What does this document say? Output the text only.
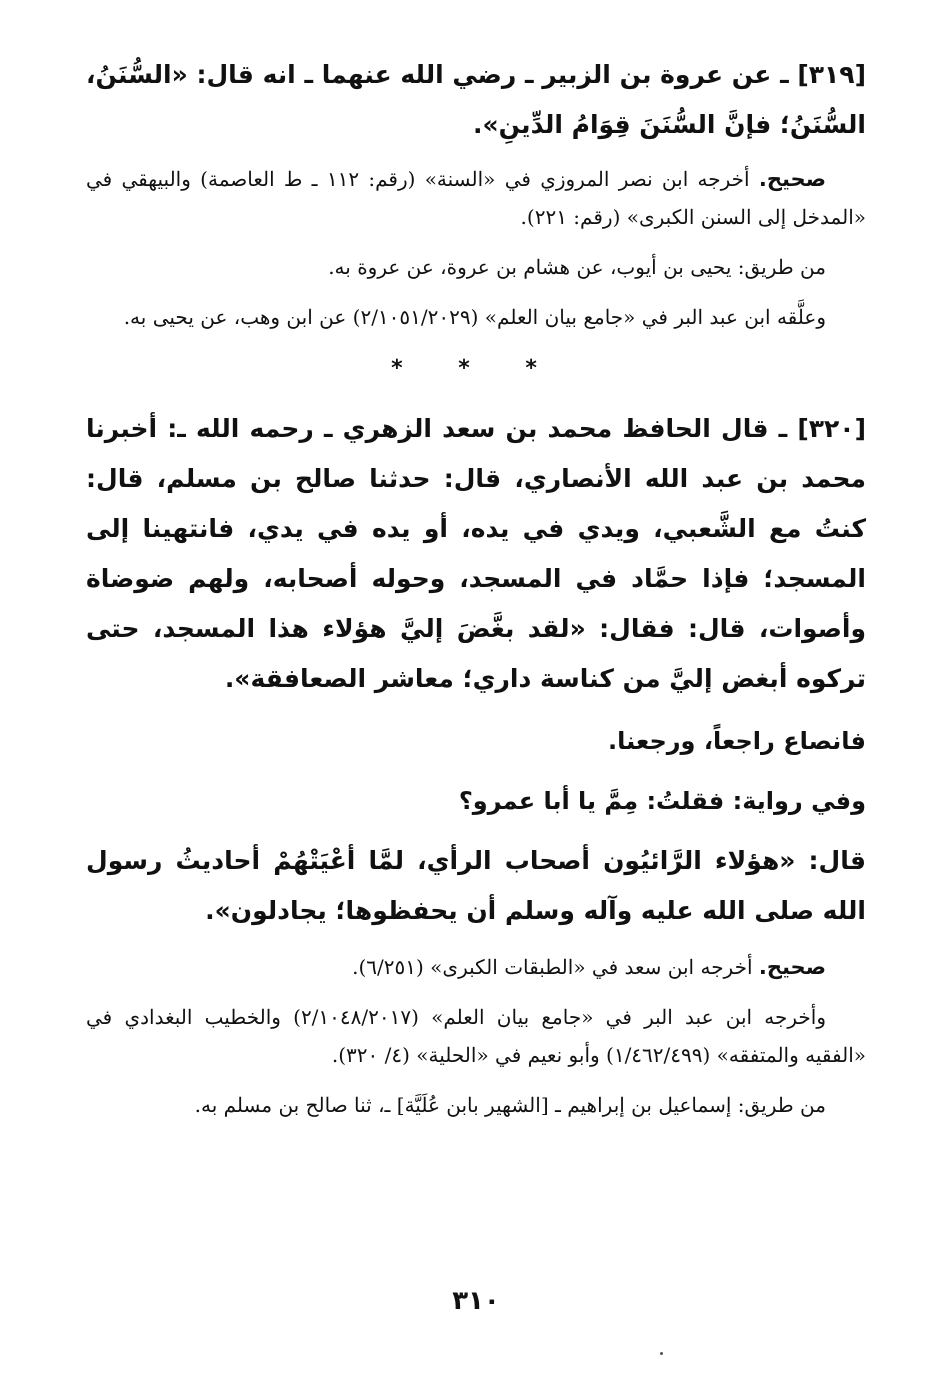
[٣١٩] ـ عن عروة بن الزبير ـ رضي الله عنهما ـ انه قال: «السُّنَنُ، السُّنَنُ؛ فإنَّ السُّنَنَ قِوَامُ الدِّينِ».

صحيح. أخرجه ابن نصر المروزي في «السنة» (رقم: ١١٢ ـ ط العاصمة) والبيهقي في «المدخل إلى السنن الكبرى» (رقم: ٢٢١).

من طريق: يحيى بن أيوب، عن هشام بن عروة، عن عروة به.

وعلَّقه ابن عبد البر في «جامع بيان العلم» (٢/١٠٥١/٢٠٢٩) عن ابن وهب، عن يحيى به.

* * *

[٣٢٠] ـ قال الحافظ محمد بن سعد الزهري ـ رحمه الله ـ: أخبرنا محمد بن عبد الله الأنصاري، قال: حدثنا صالح بن مسلم، قال: كنتُ مع الشَّعبي، ويدي في يده، أو يده في يدي، فانتهينا إلى المسجد؛ فإذا حمَّاد في المسجد، وحوله أصحابه، ولهم ضوضاة وأصوات، قال: فقال: «لقد بغَّضَ إليَّ هؤلاء هذا المسجد، حتى تركوه أبغض إليَّ من كناسة داري؛ معاشر الصعافقة».

فانصاع راجعاً، ورجعنا.

وفي رواية: فقلتُ: مِمَّ يا أبا عمرو؟

قال: «هؤلاء الرَّائيُون أصحاب الرأي، لمَّا أعْيَتْهُمْ أحاديثُ رسول الله صلى الله عليه وآله وسلم أن يحفظوها؛ يجادلون».

صحيح. أخرجه ابن سعد في «الطبقات الكبرى» (٦/٢٥١).

وأخرجه ابن عبد البر في «جامع بيان العلم» (٢/١٠٤٨/٢٠١٧) والخطيب البغدادي في «الفقيه والمتفقه» (١/٤٦٢/٤٩٩) وأبو نعيم في «الحلية» (٤/ ٣٢٠).

من طريق: إسماعيل بن إبراهيم ـ [الشهير بابن عُلَيَّة] ـ، ثنا صالح بن مسلم به.

٣١٠
